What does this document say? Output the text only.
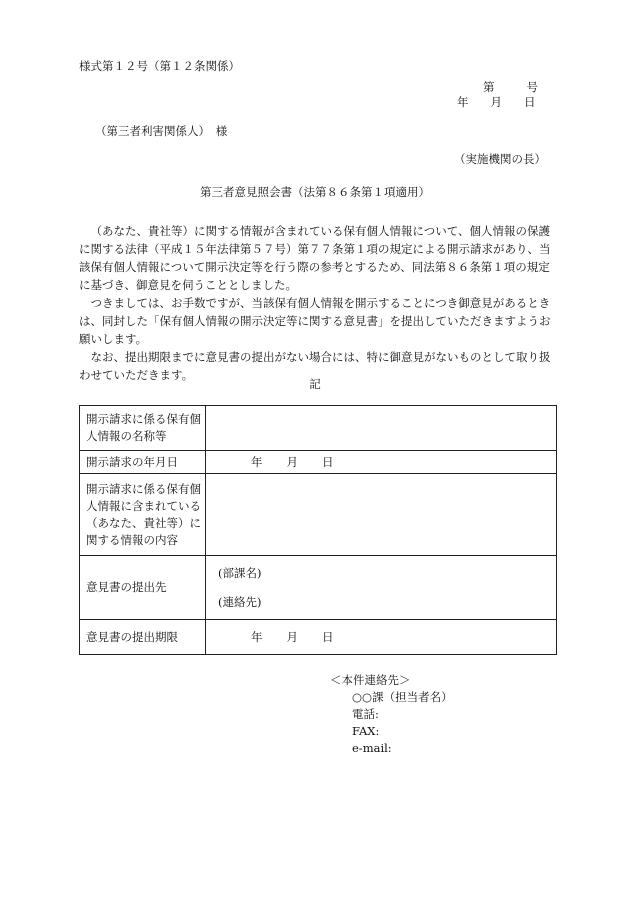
様式第１２号（第１２条関係）
第	号
年 月 日
（第三者利害関係人）　様
（実施機関の長）
第三者意見照会書（法第８６条第１項適用）

（あなた、貴社等）に関する情報が含まれている保有個人情報について、個人情報の保護に関する法律（平成１５年法律第５７号）第７７条第１項の規定による開示請求があり、当該保有個人情報について開示決定等を行う際の参考とするため、同法第８６条第１項の規定に基づき、御意見を伺うこととしました。

つきましては、お手数ですが、当該保有個人情報を開示することにつき御意見があるときは、同封した「保有個人情報の開示決定等に関する意見書」を提出していただきますようお願いします。

なお、提出期限までに意見書の提出がない場合には、特に御意見がないものとして取り扱わせていただきます。

記
開示請求に係る保有個人情報の名称等	
開示請求の年月日	年 月 日
開示請求に係る保有個人情報に含まれている（あなた、貴社等）に関する情報の内容	
意見書の提出先	(部課名)
(連絡先)

意見書の提出期限	年 月 日
＜本件連絡先＞
○○課（担当者名）
電話:
FAX:
e-mail:
